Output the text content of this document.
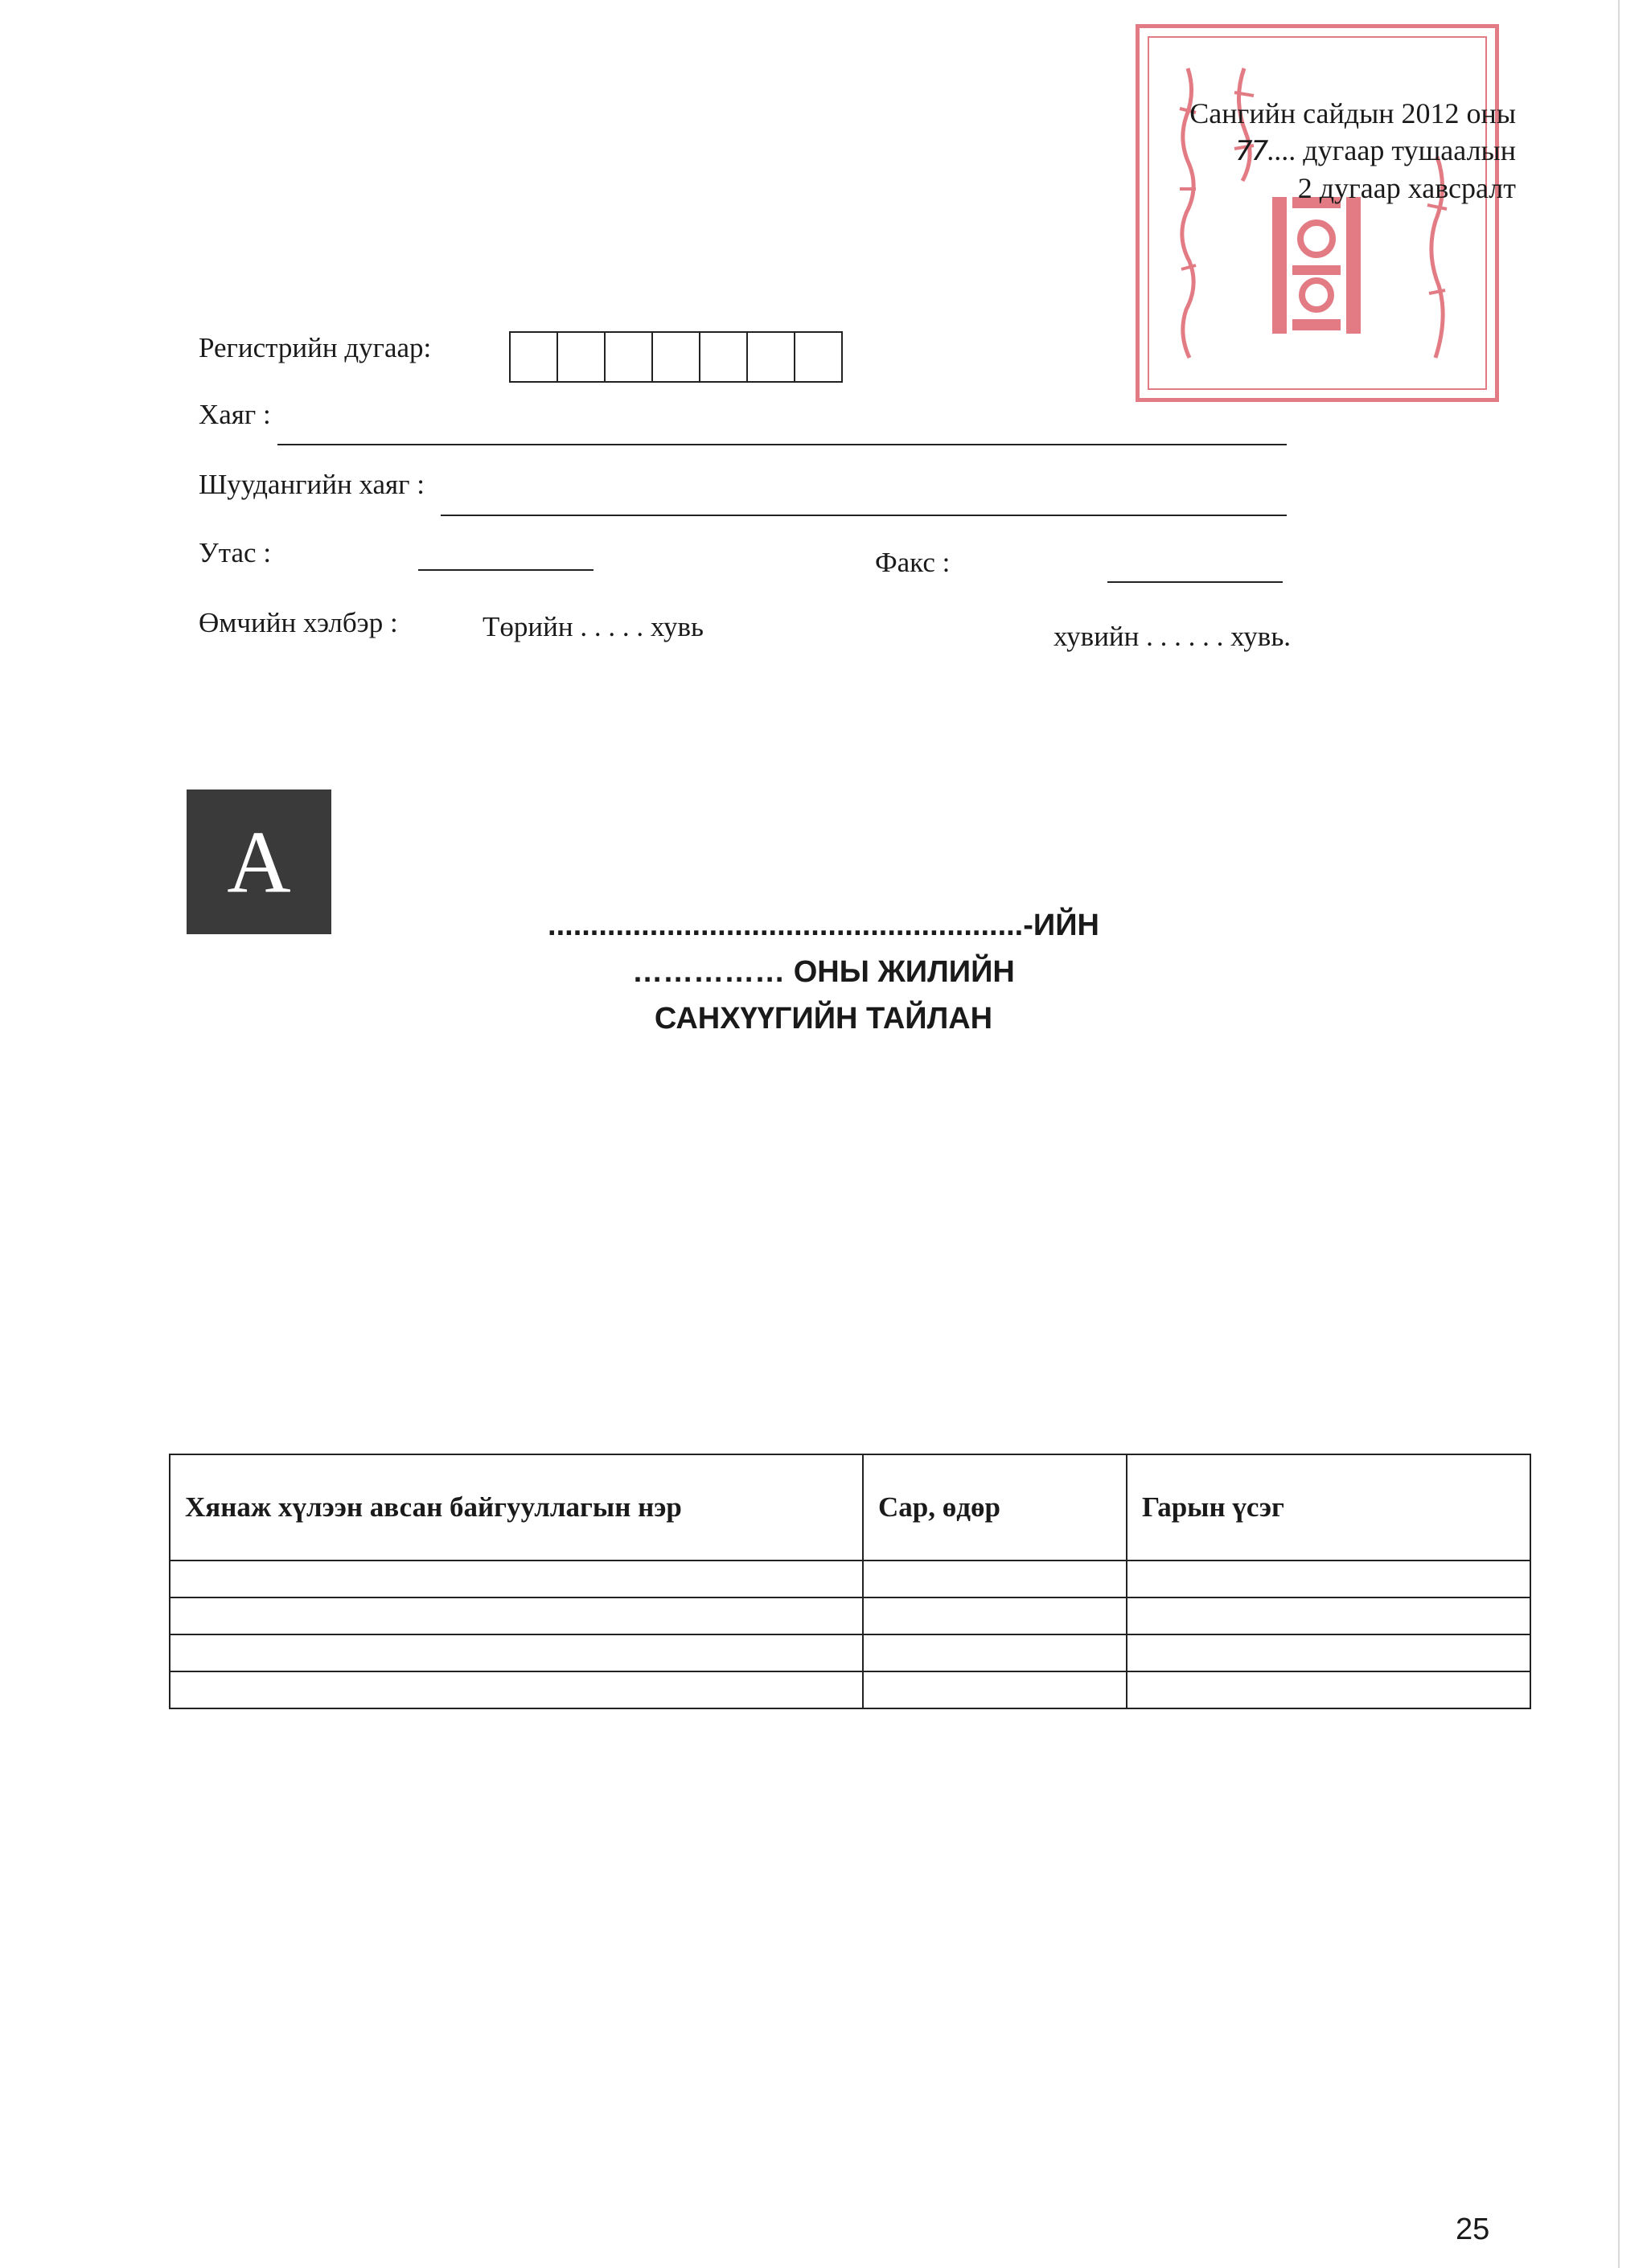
Сангийн сайдын 2012 оны
77.... дугаар тушаалын
2 дугаар хавсралт
Регистрийн дугаар:
Хаяг :
Шуудангийн хаяг :
Утас :	Факс :
Өмчийн хэлбэр :	Төрийн . . . . . хувь	хувийн . . . . . . хувь.
A
........................................................-ИЙН
…………… ОНЫ ЖИЛИЙН
САНХҮҮГИЙН ТАЙЛАН
Хянаж хүлээн авсан байгууллагын нэр	Сар, өдөр	Гарын үсэг

25
